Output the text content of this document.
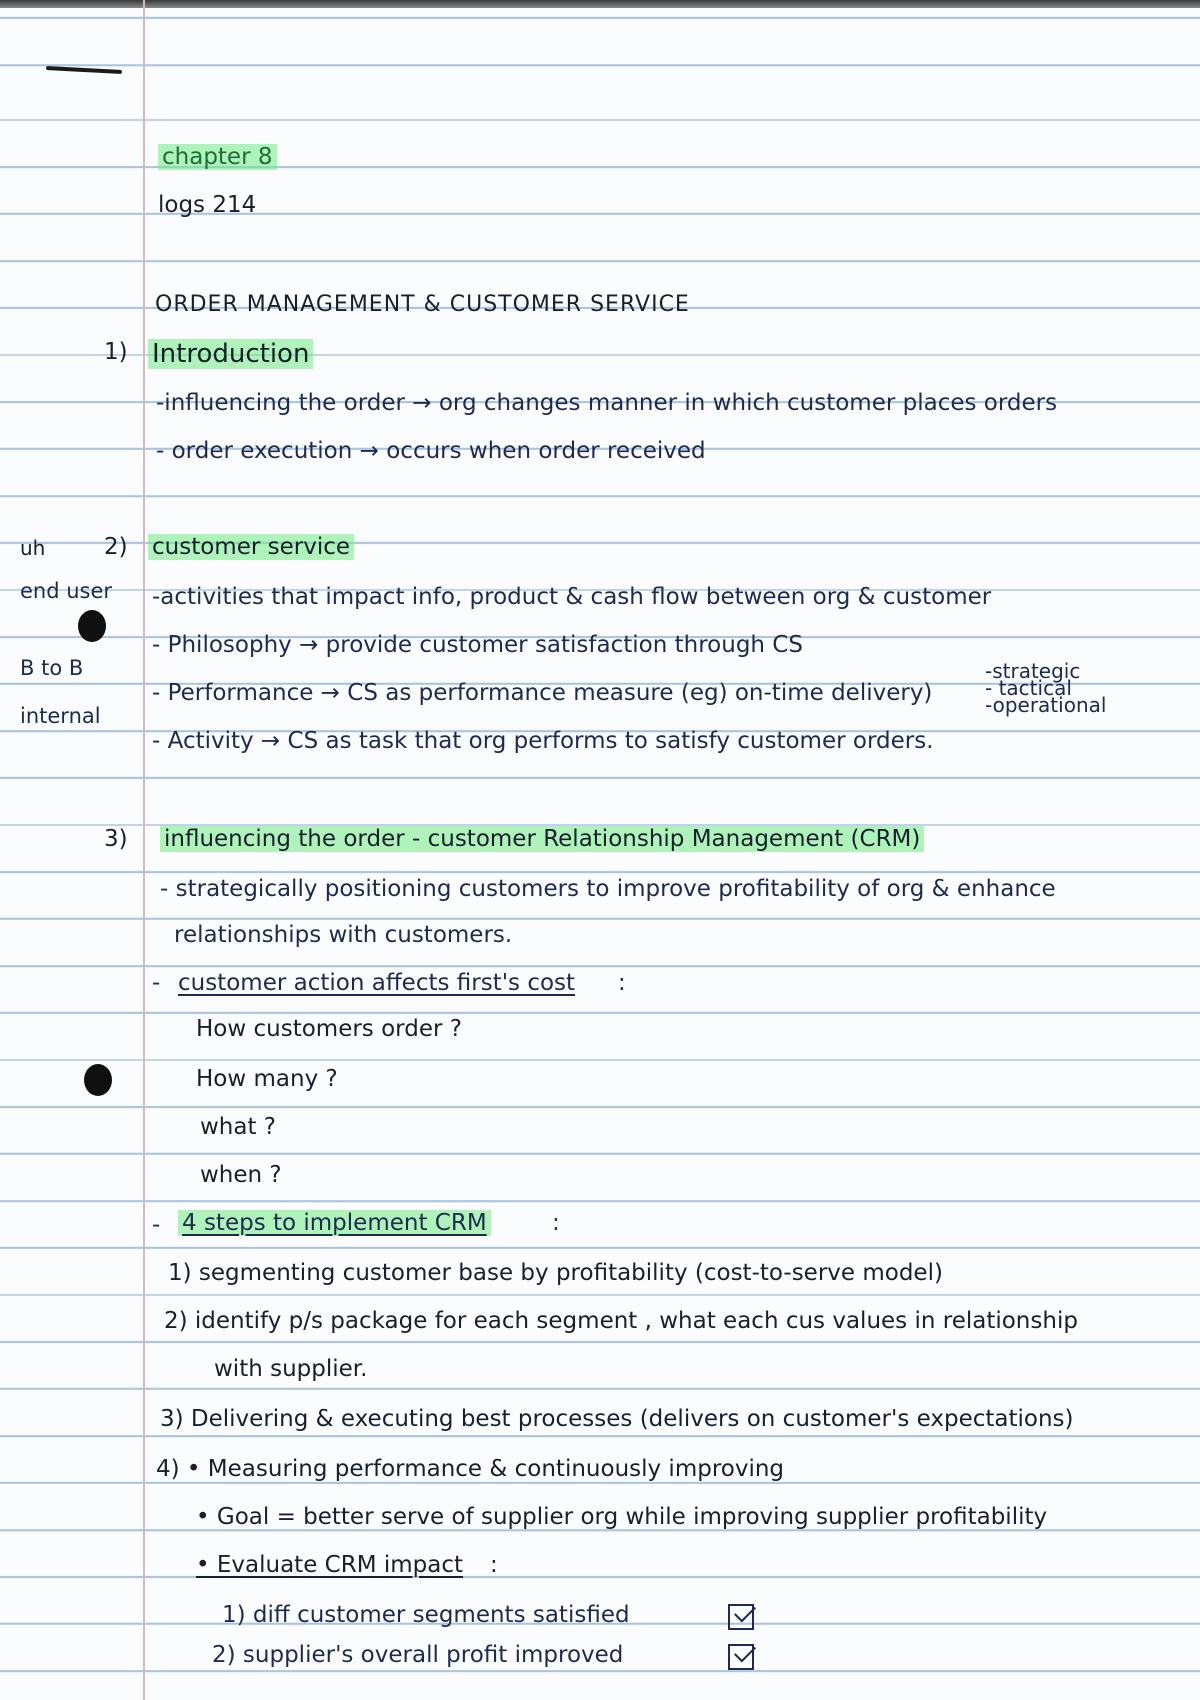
chapter 8
logs 214
ORDER MANAGEMENT & CUSTOMER SERVICE
1) Introduction
-influencing the order → org changes manner in which customer places orders
- order execution → occurs when order received
uh	2) customer service
end user
B to B
internal
-activities that impact info, product & cash flow between org & customer
- Philosophy → provide customer satisfaction through CS
- Performance → CS as performance measure (eg) on-time delivery)
-strategic
- tactical
-operational
- Activity → CS as task that org performs to satisfy customer orders.
3) influencing the order - customer Relationship Management (CRM)
- strategically positioning customers to improve profitability of org & enhance
relationships with customers.
- customer action affects first's cost :
How customers order ?
How many ?
what ?
when ?
- 4 steps to implement CRM	:
1) segmenting customer base by profitability (cost-to-serve model)
2) identify p/s package for each segment , what each cus values in relationship
with supplier.
3) Delivering & executing best processes (delivers on customer's expectations)
4) • Measuring performance & continuously improving
• Goal = better serve of supplier org while improving supplier profitability
• Evaluate CRM impact :
1) diff customer segments satisfied
2) supplier's overall profit improved
